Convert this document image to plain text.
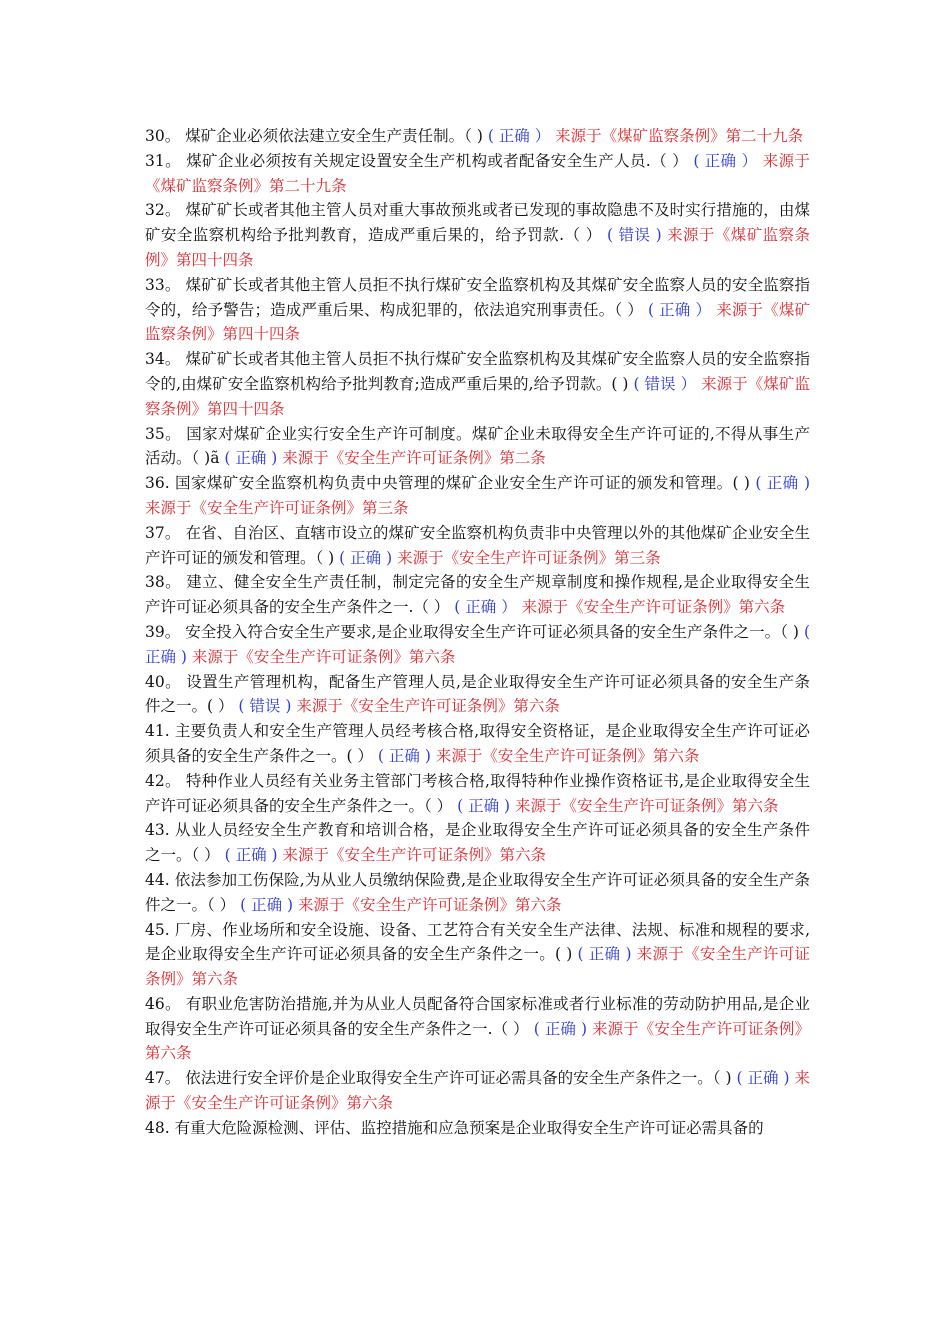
30。 煤矿企业必须依法建立安全生产责任制。（ ) ( 正确 ） 来源于《煤矿监察条例》第二十九条

31。 煤矿企业必须按有关规定设置安全生产机构或者配备安全生产人员.（ ） ( 正确 ） 来源于《煤矿监察条例》第二十九条

32。 煤矿矿长或者其他主管人员对重大事故预兆或者已发现的事故隐患不及时实行措施的，由煤矿安全监察机构给予批判教育，造成严重后果的，给予罚款.（ ） ( 错误 ) 来源于《煤矿监察条例》第四十四条

33。 煤矿矿长或者其他主管人员拒不执行煤矿安全监察机构及其煤矿安全监察人员的安全监察指令的，给予警告；造成严重后果、构成犯罪的，依法追究刑事责任。（ ） ( 正确 ） 来源于《煤矿监察条例》第四十四条

34。 煤矿矿长或者其他主管人员拒不执行煤矿安全监察机构及其煤矿安全监察人员的安全监察指令的,由煤矿安全监察机构给予批判教育;造成严重后果的,给予罚款。( ) ( 错误 ） 来源于《煤矿监察条例》第四十四条

35。 国家对煤矿企业实行安全生产许可制度。煤矿企业未取得安全生产许可证的,不得从事生产活动。（ )ã ( 正确 ) 来源于《安全生产许可证条例》第二条

36. 国家煤矿安全监察机构负责中央管理的煤矿企业安全生产许可证的颁发和管理。( ) ( 正确 ) 来源于《安全生产许可证条例》第三条

37。 在省、自治区、直辖市设立的煤矿安全监察机构负责非中央管理以外的其他煤矿企业安全生产许可证的颁发和管理。（ ) ( 正确 ) 来源于《安全生产许可证条例》第三条

38。 建立、健全安全生产责任制，制定完备的安全生产规章制度和操作规程,是企业取得安全生产许可证必须具备的安全生产条件之一.（ ） ( 正确 ） 来源于《安全生产许可证条例》第六条

39。 安全投入符合安全生产要求,是企业取得安全生产许可证必须具备的安全生产条件之一。（ ) ( 正确 ) 来源于《安全生产许可证条例》第六条

40。 设置生产管理机构，配备生产管理人员,是企业取得安全生产许可证必须具备的安全生产条件之一。( ） ( 错误 ) 来源于《安全生产许可证条例》第六条

41. 主要负责人和安全生产管理人员经考核合格,取得安全资格证，是企业取得安全生产许可证必须具备的安全生产条件之一。( ） ( 正确 ) 来源于《安全生产许可证条例》第六条

42。 特种作业人员经有关业务主管部门考核合格,取得特种作业操作资格证书,是企业取得安全生产许可证必须具备的安全生产条件之一。（ ） ( 正确 ) 来源于《安全生产许可证条例》第六条

43. 从业人员经安全生产教育和培训合格，是企业取得安全生产许可证必须具备的安全生产条件之一。（ ） ( 正确 ) 来源于《安全生产许可证条例》第六条

44. 依法参加工伤保险,为从业人员缴纳保险费,是企业取得安全生产许可证必须具备的安全生产条件之一。（ ） ( 正确 ) 来源于《安全生产许可证条例》第六条

45. 厂房、作业场所和安全设施、设备、工艺符合有关安全生产法律、法规、标准和规程的要求,是企业取得安全生产许可证必须具备的安全生产条件之一。( ) ( 正确 ) 来源于《安全生产许可证条例》第六条

46。 有职业危害防治措施,并为从业人员配备符合国家标准或者行业标准的劳动防护用品,是企业取得安全生产许可证必须具备的安全生产条件之一.（ ） ( 正确 ) 来源于《安全生产许可证条例》第六条

47。 依法进行安全评价是企业取得安全生产许可证必需具备的安全生产条件之一。（ ) ( 正确 ) 来源于《安全生产许可证条例》第六条

48. 有重大危险源检测、评估、监控措施和应急预案是企业取得安全生产许可证必需具备的
